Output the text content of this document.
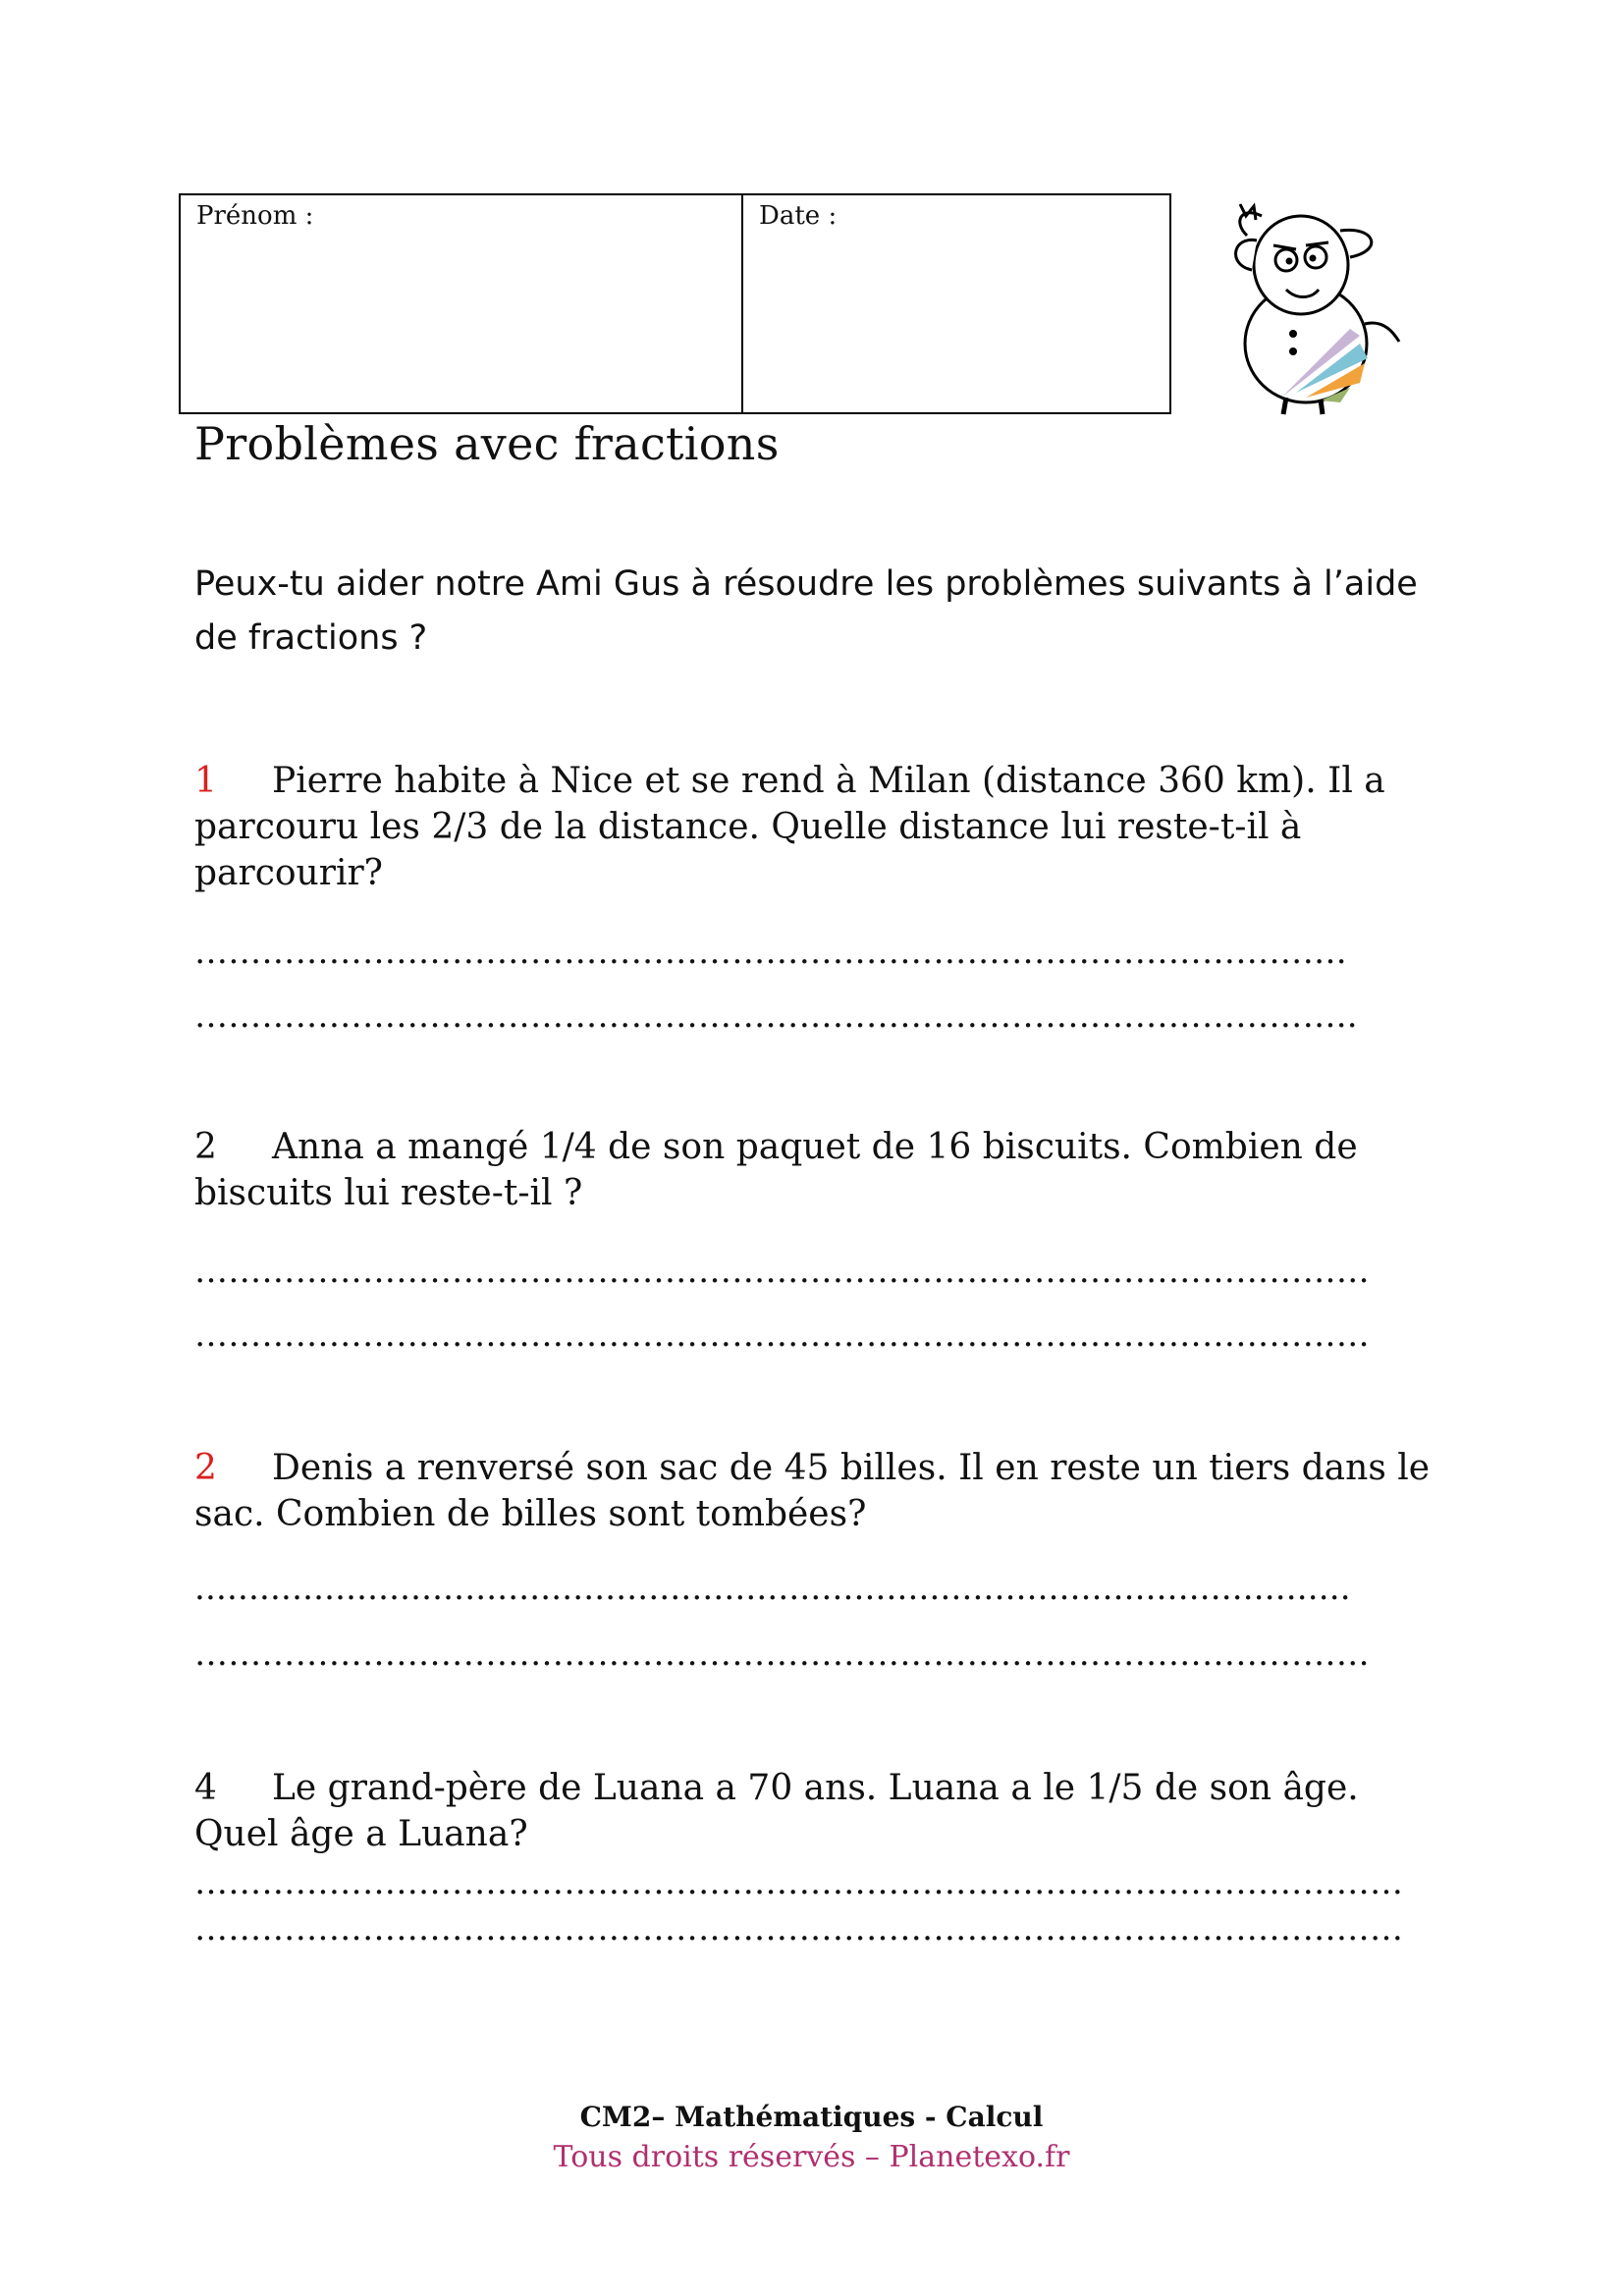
Prénom :	Date :
Problèmes avec fractions
Peux-tu aider notre Ami Gus à résoudre les problèmes suivants à l’aide de fractions ?
1 Pierre habite à Nice et se rend à Milan (distance 360 km). Il a parcouru les 2/3 de la distance. Quelle distance lui reste-t-il à parcourir?
………………………………………………………………………………………….
…………………………………………………………………………………………..
2 Anna a mangé 1/4 de son paquet de 16 biscuits. Combien de biscuits lui reste-t-il ?
……………………………………………………………………………………………
……………………………………………………………………………………………
2 Denis a renversé son sac de 45 billes. Il en reste un tiers dans le sac. Combien de billes sont tombées?
...........................................................................................................
……………………………………………………………………………………………
4 Le grand-père de Luana a 70 ans. Luana a le 1/5 de son âge. Quel âge a Luana?
………………………………………………………………………………………………
………………………………………………………………………………………………
CM2– Mathématiques - Calcul
Tous droits réservés – Planetexo.fr
